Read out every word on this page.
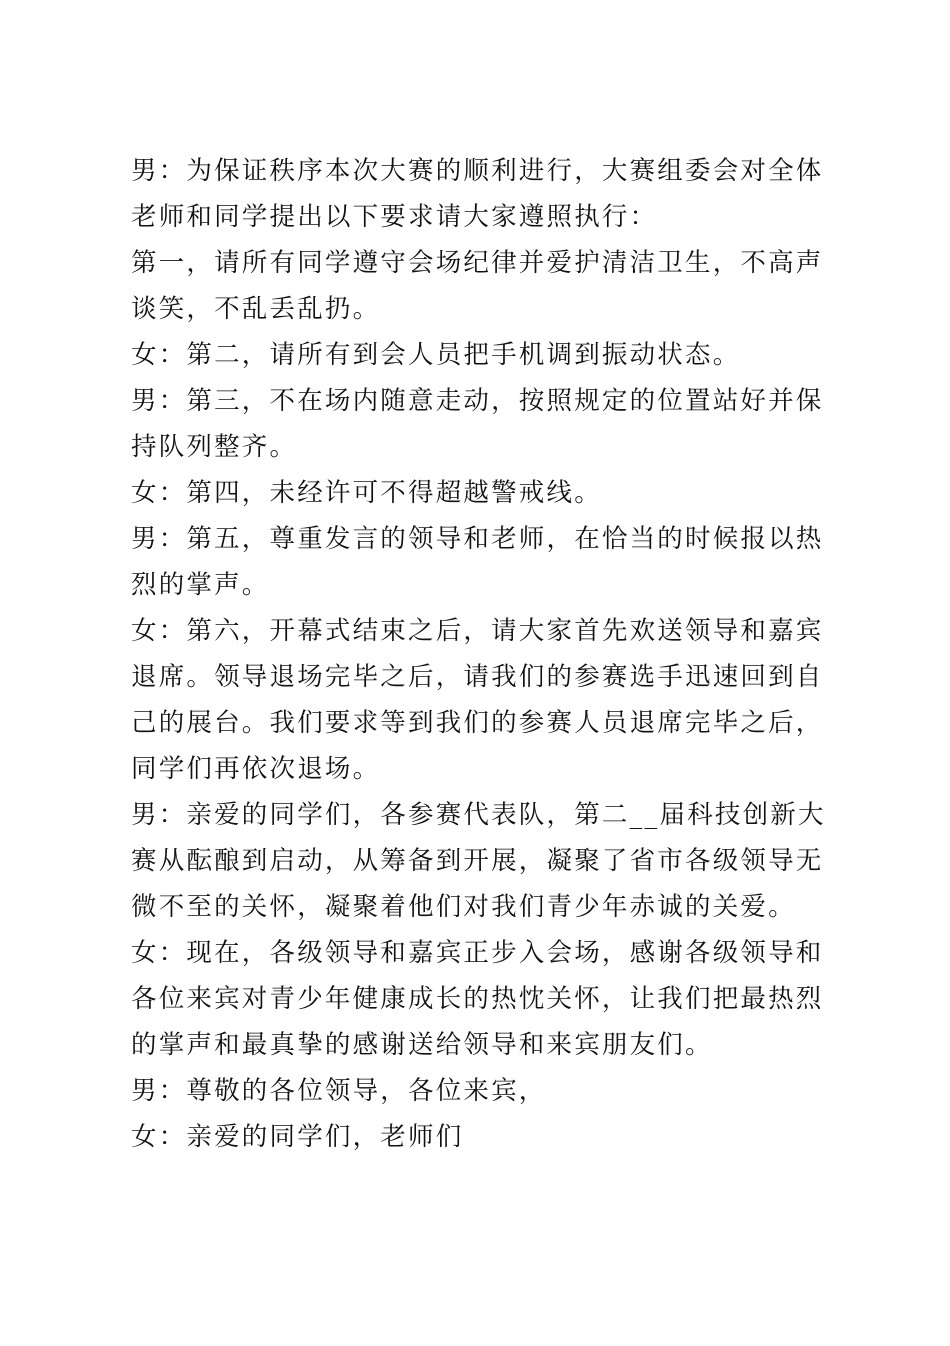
男：为保证秩序本次大赛的顺利进行，大赛组委会对全体老师和同学提出以下要求请大家遵照执行：

第一，请所有同学遵守会场纪律并爱护清洁卫生，不高声谈笑，不乱丢乱扔。

女：第二，请所有到会人员把手机调到振动状态。

男：第三，不在场内随意走动，按照规定的位置站好并保持队列整齐。

女：第四，未经许可不得超越警戒线。

男：第五，尊重发言的领导和老师，在恰当的时候报以热烈的掌声。

女：第六，开幕式结束之后，请大家首先欢送领导和嘉宾退席。领导退场完毕之后，请我们的参赛选手迅速回到自己的展台。我们要求等到我们的参赛人员退席完毕之后，同学们再依次退场。

男：亲爱的同学们，各参赛代表队，第二__届科技创新大赛从酝酿到启动，从筹备到开展，凝聚了省市各级领导无微不至的关怀，凝聚着他们对我们青少年赤诚的关爱。

女：现在，各级领导和嘉宾正步入会场，感谢各级领导和各位来宾对青少年健康成长的热忱关怀，让我们把最热烈的掌声和最真挚的感谢送给领导和来宾朋友们。

男：尊敬的各位领导，各位来宾，

女：亲爱的同学们，老师们
